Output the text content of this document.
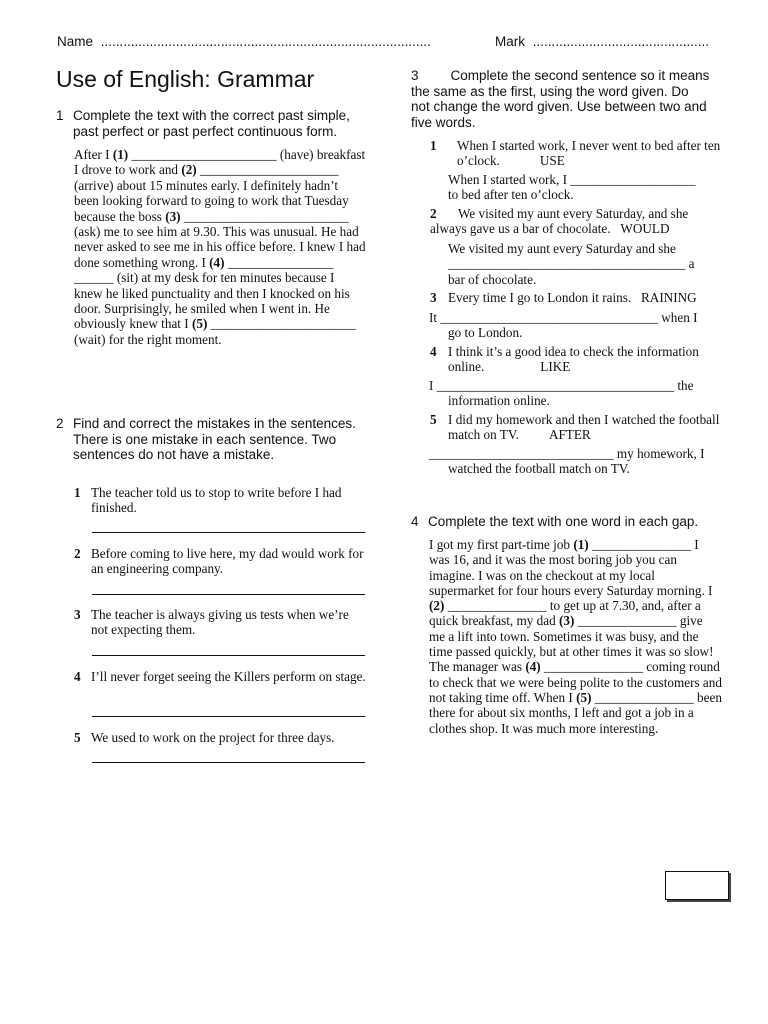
Name ........................................................................................	Mark ...............................................
Use of English: Grammar
1 Complete the text with the correct past simple, past perfect or past perfect continuous form.

After I (1) ______________________ (have) breakfast I drove to work and (2) _____________________ (arrive) about 15 minutes early. I definitely hadn’t been looking forward to going to work that Tuesday because the boss (3) _________________________ (ask) me to see him at 9.30. This was unusual. He had never asked to see me in his office before. I knew I had done something wrong. I (4) ________________ ______ (sit) at my desk for ten minutes because I knew he liked punctuality and then I knocked on his door. Surprisingly, he smiled when I went in. He obviously knew that I (5) ______________________ (wait) for the right moment.
2 Find and correct the mistakes in the sentences. There is one mistake in each sentence. Two sentences do not have a mistake.

1 The teacher told us to stop to write before I had finished.

2 Before coming to live here, my dad would work for an engineering company.

3 The teacher is always giving us tests when we’re not expecting them.

4 I’ll never forget seeing the Killers perform on stage.

5 We used to work on the project for three days.

3 Complete the second sentence so it means the same as the first, using the word given. Do not change the word given. Use between two and five words.

1 When I started work, I never went to bed after ten o’clock.	USE

When I started work, I ___________________

to bed after ten o’clock.

2	We visited my aunt every Saturday, and she always gave us a bar of chocolate. WOULD

We visited my aunt every Saturday and she

____________________________________ a

bar of chocolate.

3 Every time I go to London it rains. RAINING

It _________________________________ when I

go to London.

4 I think it’s a good idea to check the information online.	LIKE

I ____________________________________ the

information online.

5 I did my homework and then I watched the football match on TV. AFTER

____________________________ my homework, I

watched the football match on TV.

4 Complete the text with one word in each gap.

I got my first part-time job (1) _______________ I was 16, and it was the most boring job you can imagine. I was on the checkout at my local supermarket for four hours every Saturday morning. I (2) _______________ to get up at 7.30, and, after a quick breakfast, my dad (3) _______________ give me a lift into town. Sometimes it was busy, and the time passed quickly, but at other times it was so slow! The manager was (4) _______________ coming round to check that we were being polite to the customers and not taking time off. When I (5) _______________ been there for about six months, I left and got a job in a clothes shop. It was much more interesting.
